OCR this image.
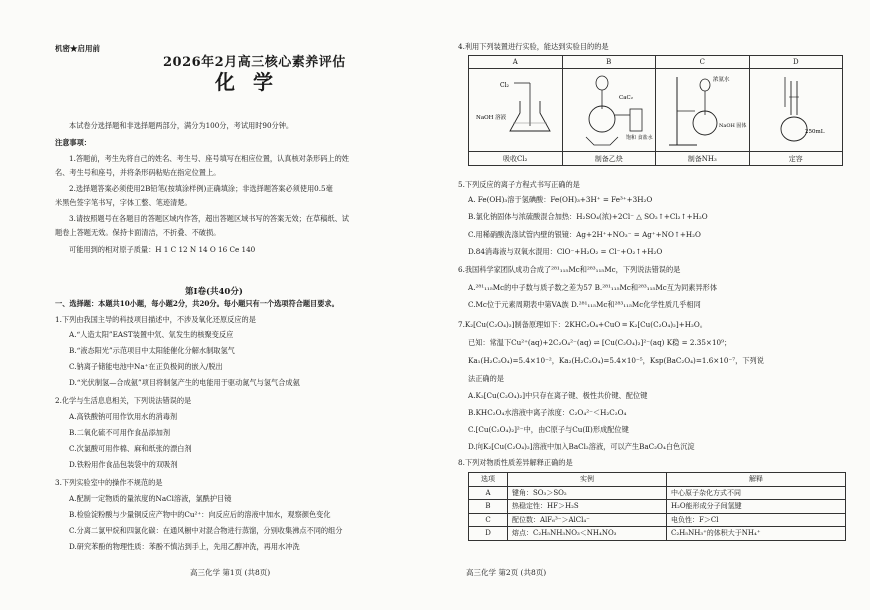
机密★启用前
2026年2月高三核心素养评估
化学
本试卷分选择题和非选择题两部分，满分为100分，考试用时90分钟。
注意事项：
1.答题前，考生先将自己的姓名、考生号、座号填写在相应位置，认真核对条形码上的姓
名、考生号和座号，并将条形码粘贴在指定位置上。
2.选择题答案必须使用2B铅笔(按填涂样例)正确填涂；非选择题答案必须使用0.5毫
米黑色签字笔书写，字体工整、笔迹清楚。
3.请按照题号在各题目的答题区域内作答，超出答题区域书写的答案无效；在草稿纸、试
题卷上答题无效。保持卡面清洁，不折叠、不破损。
可能用到的相对原子质量：H 1 C 12 N 14 O 16 Ce 140
第Ⅰ卷(共40分)
一、选择题：本题共10小题，每小题2分，共20分。每小题只有一个选项符合题目要求。
1.下列由我国主导的科技项目描述中，不涉及氧化还原反应的是
A.“人造太阳”EAST装置中氘、氚发生的核聚变反应
B.“液态阳光”示范项目中太阳能催化分解水制取氢气
C.钠离子储能电池中Na⁺在正负极间的嵌入/脱出
D.“光伏制氢—合成氨”项目将制氢产生的电能用于驱动氮气与氢气合成氨
2.化学与生活息息相关，下列说法错误的是
A.高铁酸钠可用作饮用水的消毒剂
B.二氧化硫不可用作食品添加剂
C.次氯酸可用作棉、麻和纸张的漂白剂
D.铁粉用作食品包装袋中的双吸剂
3.下列实验室中的操作不规范的是
A.配制一定物质的量浓度的NaCl溶液，氯酰护目镜
B.检验淀粉酸与少量铜反应产物中的Cu²⁺：向反应后的溶液中加水，观察颜色变化
C.分离二氯甲烷和四氯化碳：在通风橱中对混合物进行蒸馏，分别收集沸点不同的组分
D.研究苯酚的物理性质：苯酚不慎沾到手上，先用乙醇冲洗，再用水冲洗
高三化学 第1页 (共8页)
4.利用下列装置进行实验，能达到实验目的的是
A	B	C	D

Cl₂
NaOH 溶液	CaC₂
饱和 食盐水	浓氨水
NaOH 固体	250mL

吸收Cl₂	制备乙炔	制备NH₃	定容
5.下列反应的离子方程式书写正确的是
A. Fe(OH)₃溶于氢碘酸：Fe(OH)₃+3H⁺ = Fe³⁺+3H₂O
B.氯化钠固体与浓硫酸混合加热：H₂SO₄(浓)+2Cl⁻ △ SO₂↑+Cl₂↑+H₂O
C.用稀硝酸洗涤试管内壁的银镜：Ag+2H⁺+NO₃⁻ = Ag⁺+NO↑+H₂O
D.84消毒液与双氧水混用：ClO⁻+H₂O₂ = Cl⁻+O₂↑+H₂O
6.我国科学家团队成功合成了²⁸¹₁₁₅Mc和²⁸³₁₁₅Mc，下列说法错误的是
A.²⁸¹₁₁₅Mc的中子数与质子数之差为57 B.²⁸¹₁₁₅Mc和²⁸³₁₁₅Mc互为同素异形体
C.Mc位于元素周期表中第VA族 D.²⁸¹₁₁₅Mc和²⁸³₁₁₅Mc化学性质几乎相同
7.K₂[Cu(C₂O₄)₂]制备原理如下：2KHC₂O₄+CuO ═ K₂[Cu(C₂O₄)₂]+H₂O。
已知：常温下Cu²⁺(aq)+2C₂O₄²⁻(aq) ⇌ [Cu(C₂O₄)₂]²⁻(aq) K稳 = 2.35×10⁹；
Ka₁(H₂C₂O₄)=5.4×10⁻²，Ka₂(H₂C₂O₄)=5.4×10⁻⁵，Ksp(BaC₂O₄)=1.6×10⁻⁷，下列说
法正确的是
A.K₂[Cu(C₂O₄)₂]中只存在离子键、极性共价键、配位键
B.KHC₂O₄水溶液中离子浓度：C₂O₄²⁻＜H₂C₂O₄
C.[Cu(C₂O₄)₂]²⁻中，由C原子与Cu(Ⅱ)形成配位键
D.向K₂[Cu(C₂O₄)₂]溶液中加入BaCl₂溶液，可以产生BaC₂O₄白色沉淀
8.下列对物质性质差异解释正确的是
选项	实例	解释
A	键角：SO₃＞SO₂	中心原子杂化方式不同
B	热稳定性：HF＞H₂S	H₂O能形成分子间氢键
C	配位数：AlF₆³⁻＞AlCl₄⁻	电负性：F＞Cl
D	熔点：C₂H₅NH₃NO₃＜NH₄NO₃	C₂H₅NH₃⁺的体积大于NH₄⁺
高三化学 第2页 (共8页)
